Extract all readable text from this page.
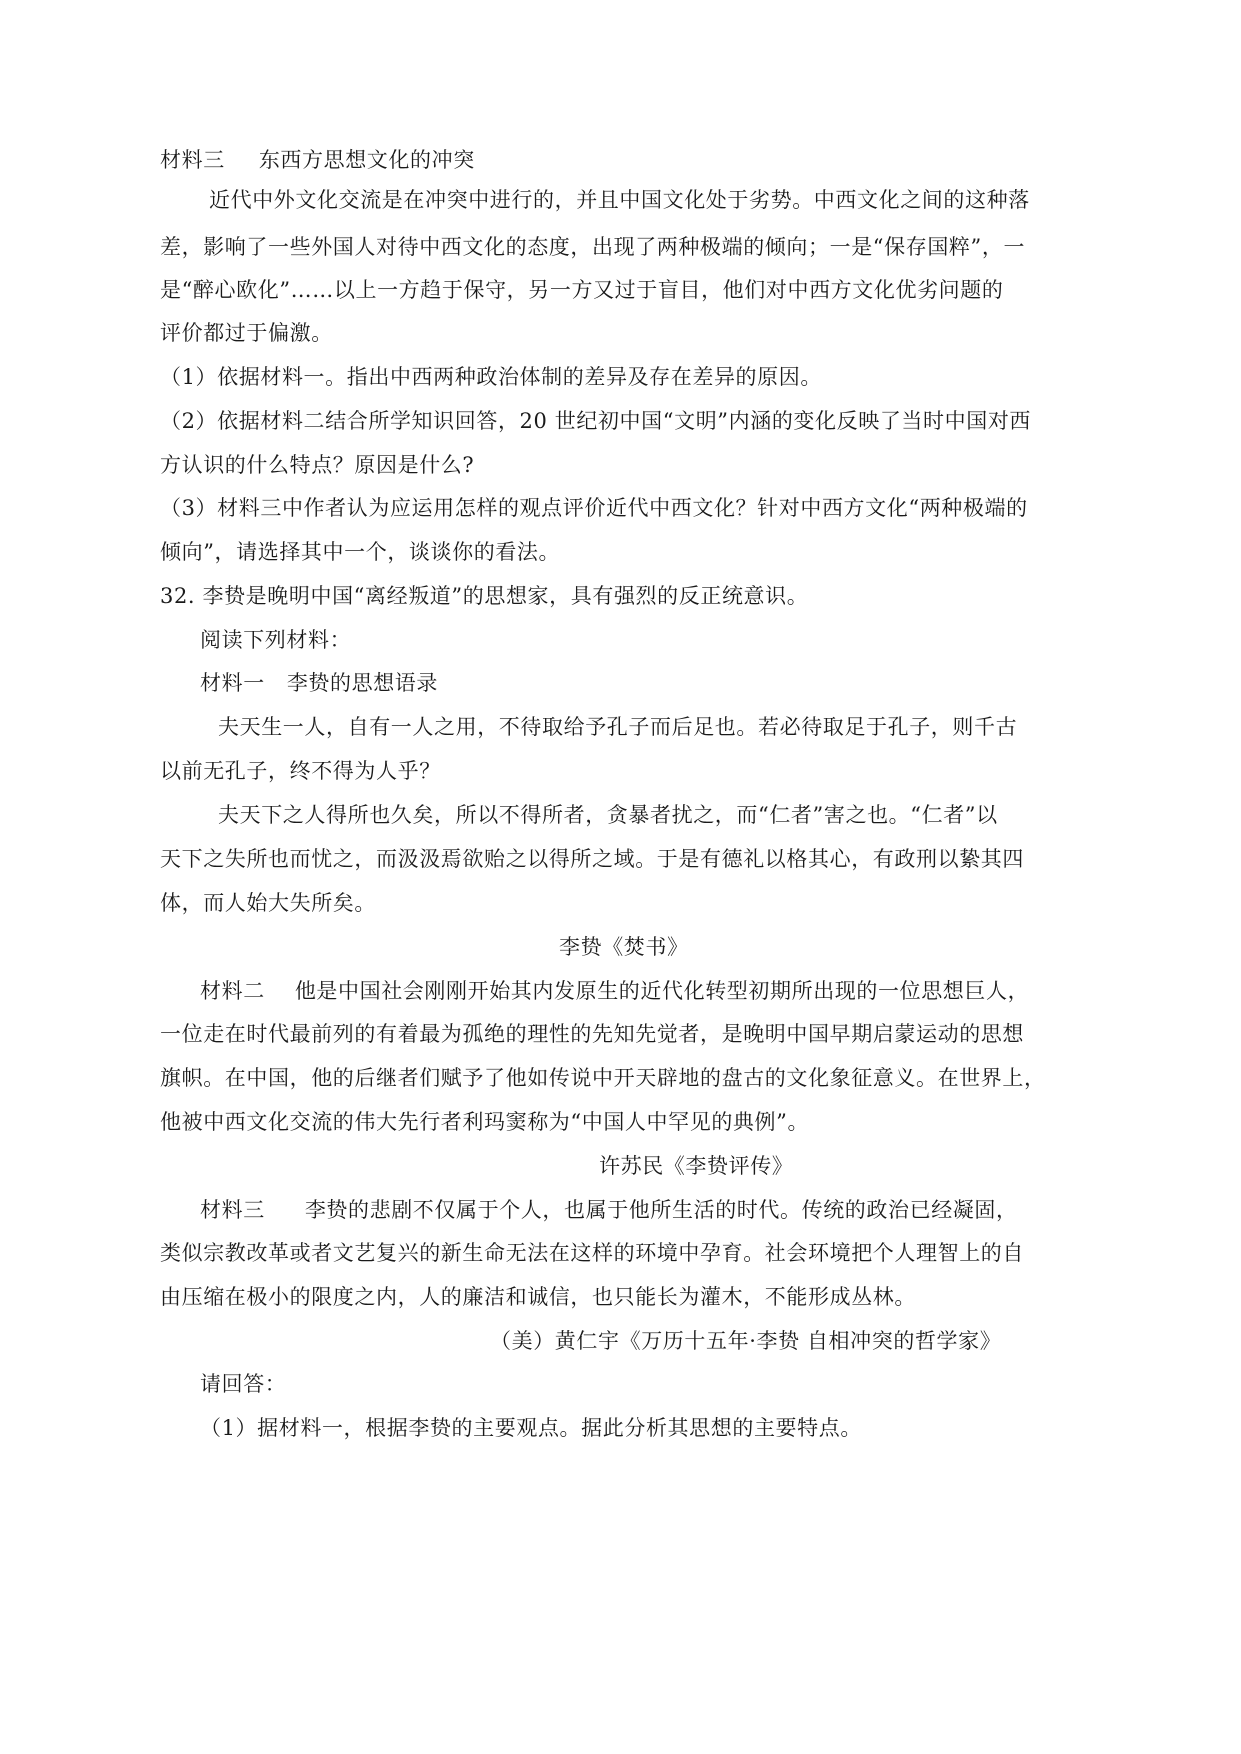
材料三 东西方思想文化的冲突
近代中外文化交流是在冲突中进行的，并且中国文化处于劣势。中西文化之间的这种落
差，影响了一些外国人对待中西文化的态度，出现了两种极端的倾向；一是“保存国粹”，一
是“醉心欧化”……以上一方趋于保守，另一方又过于盲目，他们对中西方文化优劣问题的
评价都过于偏激。
（1）依据材料一。指出中西两种政治体制的差异及存在差异的原因。
（2）依据材料二结合所学知识回答，20 世纪初中国“文明”内涵的变化反映了当时中国对西
方认识的什么特点？原因是什么?
（3）材料三中作者认为应运用怎样的观点评价近代中西文化？针对中西方文化“两种极端的
倾向”，请选择其中一个，谈谈你的看法。
32. 李贽是晚明中国“离经叛道”的思想家，具有强烈的反正统意识。
阅读下列材料：
材料一 李贽的思想语录
夫天生一人，自有一人之用，不待取给予孔子而后足也。若必待取足于孔子，则千古
以前无孔子，终不得为人乎？
夫天下之人得所也久矣，所以不得所者，贪暴者扰之，而“仁者”害之也。“仁者”以
天下之失所也而忧之，而汲汲焉欲贻之以得所之域。于是有德礼以格其心，有政刑以絷其四
体，而人始大失所矣。
李贽《焚书》
材料二 他是中国社会刚刚开始其内发原生的近代化转型初期所出现的一位思想巨人，
一位走在时代最前列的有着最为孤绝的理性的先知先觉者，是晚明中国早期启蒙运动的思想
旗帜。在中国，他的后继者们赋予了他如传说中开天辟地的盘古的文化象征意义。在世界上，
他被中西文化交流的伟大先行者利玛窦称为“中国人中罕见的典例”。
许苏民《李贽评传》
材料三 李贽的悲剧不仅属于个人，也属于他所生活的时代。传统的政治已经凝固，
类似宗教改革或者文艺复兴的新生命无法在这样的环境中孕育。社会环境把个人理智上的自
由压缩在极小的限度之内，人的廉洁和诚信，也只能长为灌木，不能形成丛林。
（美）黄仁宇《万历十五年·李贽 自相冲突的哲学家》
请回答：
（1）据材料一，根据李贽的主要观点。据此分析其思想的主要特点。
